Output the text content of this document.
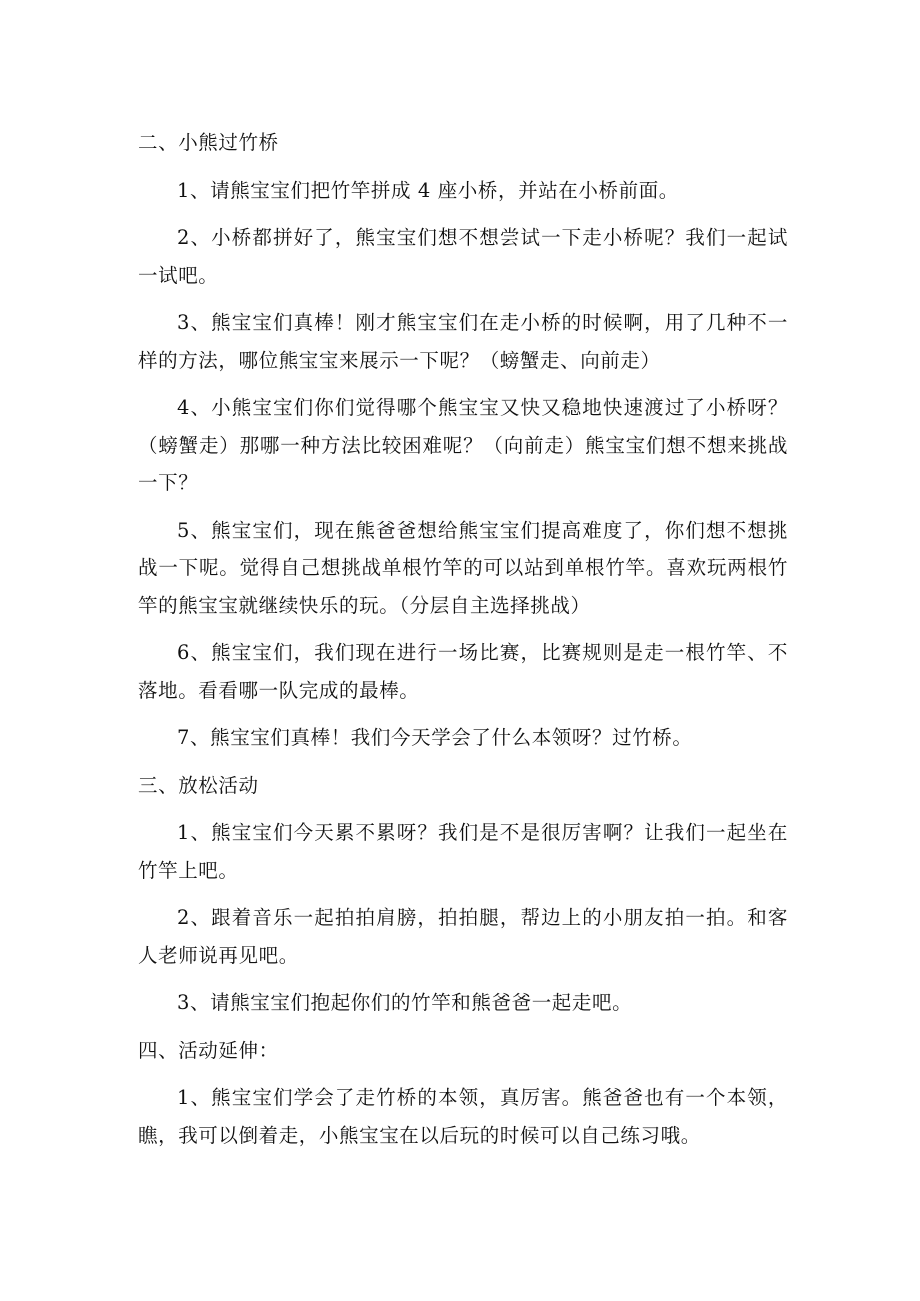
二、小熊过竹桥

1、请熊宝宝们把竹竿拼成 4 座小桥，并站在小桥前面。

2、小桥都拼好了，熊宝宝们想不想尝试一下走小桥呢？我们一起试一试吧。

3、熊宝宝们真棒！刚才熊宝宝们在走小桥的时候啊，用了几种不一样的方法，哪位熊宝宝来展示一下呢？（螃蟹走、向前走）

4、小熊宝宝们你们觉得哪个熊宝宝又快又稳地快速渡过了小桥呀？（螃蟹走）那哪一种方法比较困难呢？（向前走）熊宝宝们想不想来挑战一下？

5、熊宝宝们，现在熊爸爸想给熊宝宝们提高难度了，你们想不想挑战一下呢。觉得自己想挑战单根竹竿的可以站到单根竹竿。喜欢玩两根竹竿的熊宝宝就继续快乐的玩。（分层自主选择挑战）

6、熊宝宝们，我们现在进行一场比赛，比赛规则是走一根竹竿、不落地。看看哪一队完成的最棒。

7、熊宝宝们真棒！我们今天学会了什么本领呀？过竹桥。

三、放松活动

1、熊宝宝们今天累不累呀？我们是不是很厉害啊？让我们一起坐在竹竿上吧。

2、跟着音乐一起拍拍肩膀，拍拍腿，帮边上的小朋友拍一拍。和客人老师说再见吧。

3、请熊宝宝们抱起你们的竹竿和熊爸爸一起走吧。

四、活动延伸：

1、熊宝宝们学会了走竹桥的本领，真厉害。熊爸爸也有一个本领，瞧，我可以倒着走，小熊宝宝在以后玩的时候可以自己练习哦。
